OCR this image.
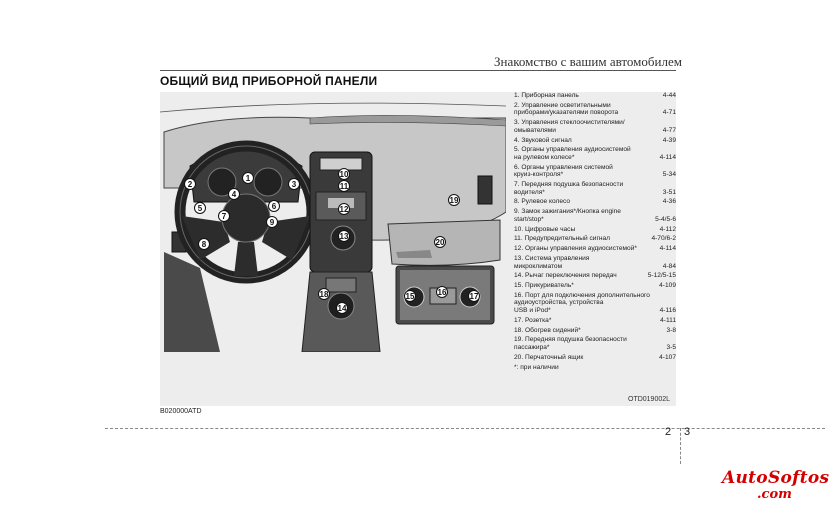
Знакомство с вашим автомобилем
ОБЩИЙ ВИД ПРИБОРНОЙ ПАНЕЛИ
1
2	3
4
5	6
7
8
9
10
11
12
13
14
15	16	17
18
19
20
1. Приборная панель	4-44
2. Управление осветительными
приборами/указателями поворота	4-71
3. Управления стеклоочистителями/
омывателями	4-77
4. Звуковой сигнал	4-39
5. Органы управления аудиосистемой
на рулевом колесе*	4-114
6. Органы управления системой
круиз-контроля*	5-34
7. Передняя подушка безопасности
водителя*	3-51
8. Рулевое колесо	4-36
9. Замок зажигания*/Кнопка engine
start/stop*	5-4/5-6
10. Цифровые часы	4-112
11. Предупредительный сигнал	4-70/6-2
12. Органы управления аудиосистемой*	4-114
13. Система управления
микроклиматом	4-84
14. Рычаг переключения передач	5-12/5-15
15. Прикуриватель*	4-109
16. Порт для подключения дополнительного
аудиоустройства, устройства
USB и iPod*	4-116
17. Розетка*	4-111
18. Обогрев сидений*	3-8
19. Передняя подушка безопасности
пассажира*	3-5
20. Перчаточный ящик	4-107
*: при наличии
OTD019002L
B020000ATD
2 3
AutoSoftos
.com
